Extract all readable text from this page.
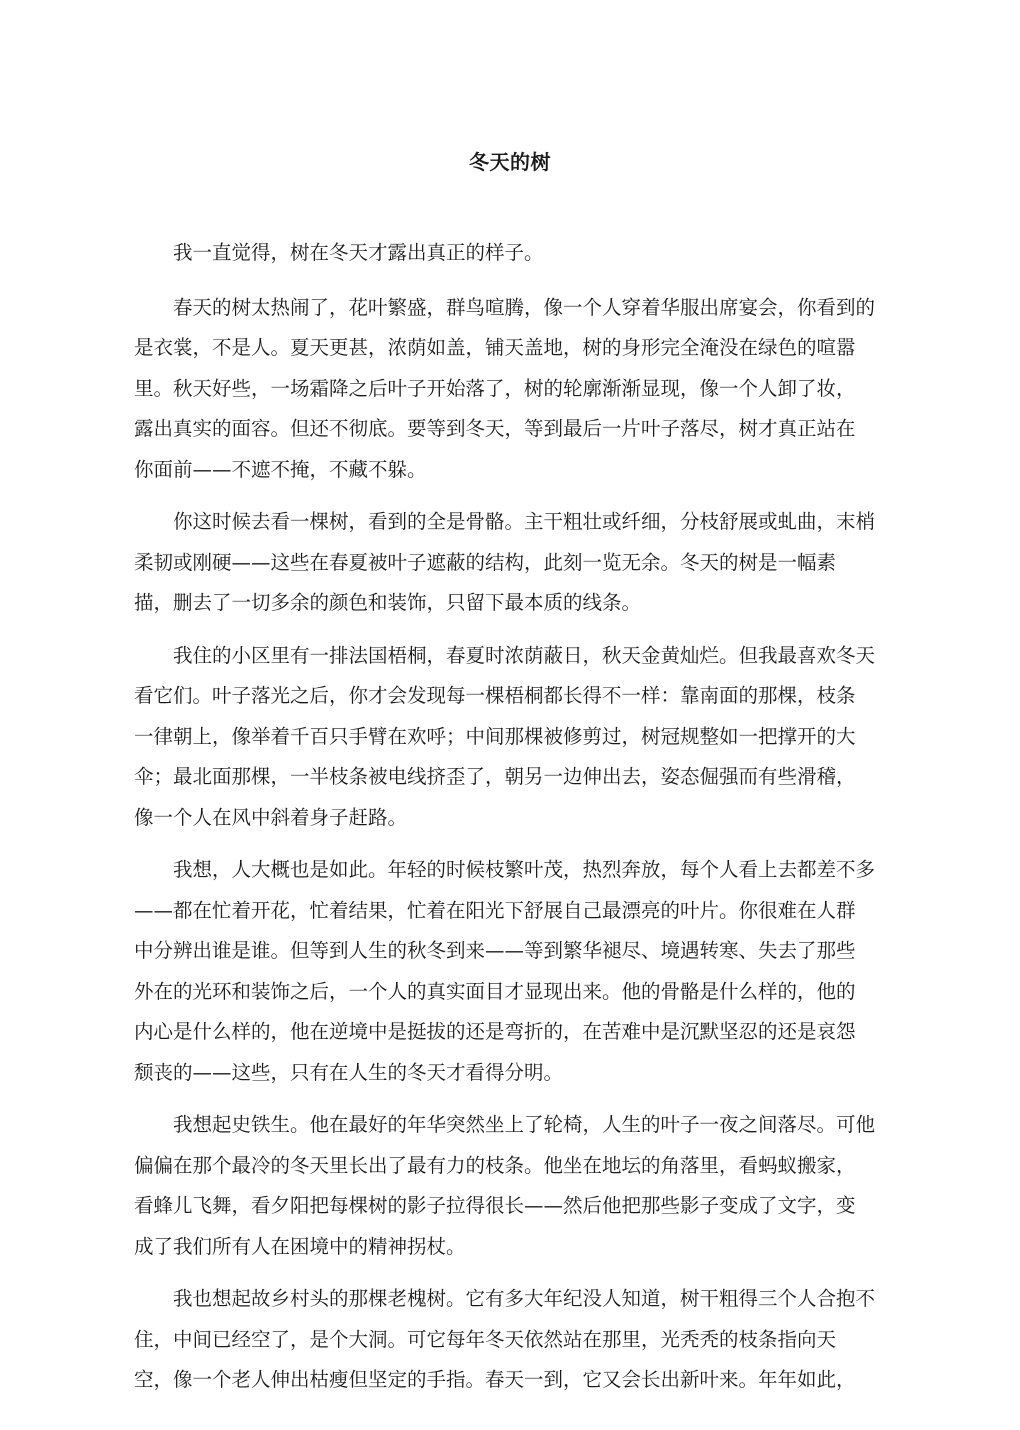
冬天的树

我一直觉得，树在冬天才露出真正的样子。

春天的树太热闹了，花叶繁盛，群鸟喧腾，像一个人穿着华服出席宴会，你看到的
是衣裳，不是人。夏天更甚，浓荫如盖，铺天盖地，树的身形完全淹没在绿色的喧嚣
里。秋天好些，一场霜降之后叶子开始落了，树的轮廓渐渐显现，像一个人卸了妆，
露出真实的面容。但还不彻底。要等到冬天，等到最后一片叶子落尽，树才真正站在
你面前——不遮不掩，不藏不躲。

你这时候去看一棵树，看到的全是骨骼。主干粗壮或纤细，分枝舒展或虬曲，末梢
柔韧或刚硬——这些在春夏被叶子遮蔽的结构，此刻一览无余。冬天的树是一幅素
描，删去了一切多余的颜色和装饰，只留下最本质的线条。

我住的小区里有一排法国梧桐，春夏时浓荫蔽日，秋天金黄灿烂。但我最喜欢冬天
看它们。叶子落光之后，你才会发现每一棵梧桐都长得不一样：靠南面的那棵，枝条
一律朝上，像举着千百只手臂在欢呼；中间那棵被修剪过，树冠规整如一把撑开的大
伞；最北面那棵，一半枝条被电线挤歪了，朝另一边伸出去，姿态倔强而有些滑稽，
像一个人在风中斜着身子赶路。

我想，人大概也是如此。年轻的时候枝繁叶茂，热烈奔放，每个人看上去都差不多
——都在忙着开花，忙着结果，忙着在阳光下舒展自己最漂亮的叶片。你很难在人群
中分辨出谁是谁。但等到人生的秋冬到来——等到繁华褪尽、境遇转寒、失去了那些
外在的光环和装饰之后，一个人的真实面目才显现出来。他的骨骼是什么样的，他的
内心是什么样的，他在逆境中是挺拔的还是弯折的，在苦难中是沉默坚忍的还是哀怨
颓丧的——这些，只有在人生的冬天才看得分明。

我想起史铁生。他在最好的年华突然坐上了轮椅，人生的叶子一夜之间落尽。可他
偏偏在那个最冷的冬天里长出了最有力的枝条。他坐在地坛的角落里，看蚂蚁搬家，
看蜂儿飞舞，看夕阳把每棵树的影子拉得很长——然后他把那些影子变成了文字，变
成了我们所有人在困境中的精神拐杖。

我也想起故乡村头的那棵老槐树。它有多大年纪没人知道，树干粗得三个人合抱不
住，中间已经空了，是个大洞。可它每年冬天依然站在那里，光秃秃的枝条指向天
空，像一个老人伸出枯瘦但坚定的手指。春天一到，它又会长出新叶来。年年如此，
